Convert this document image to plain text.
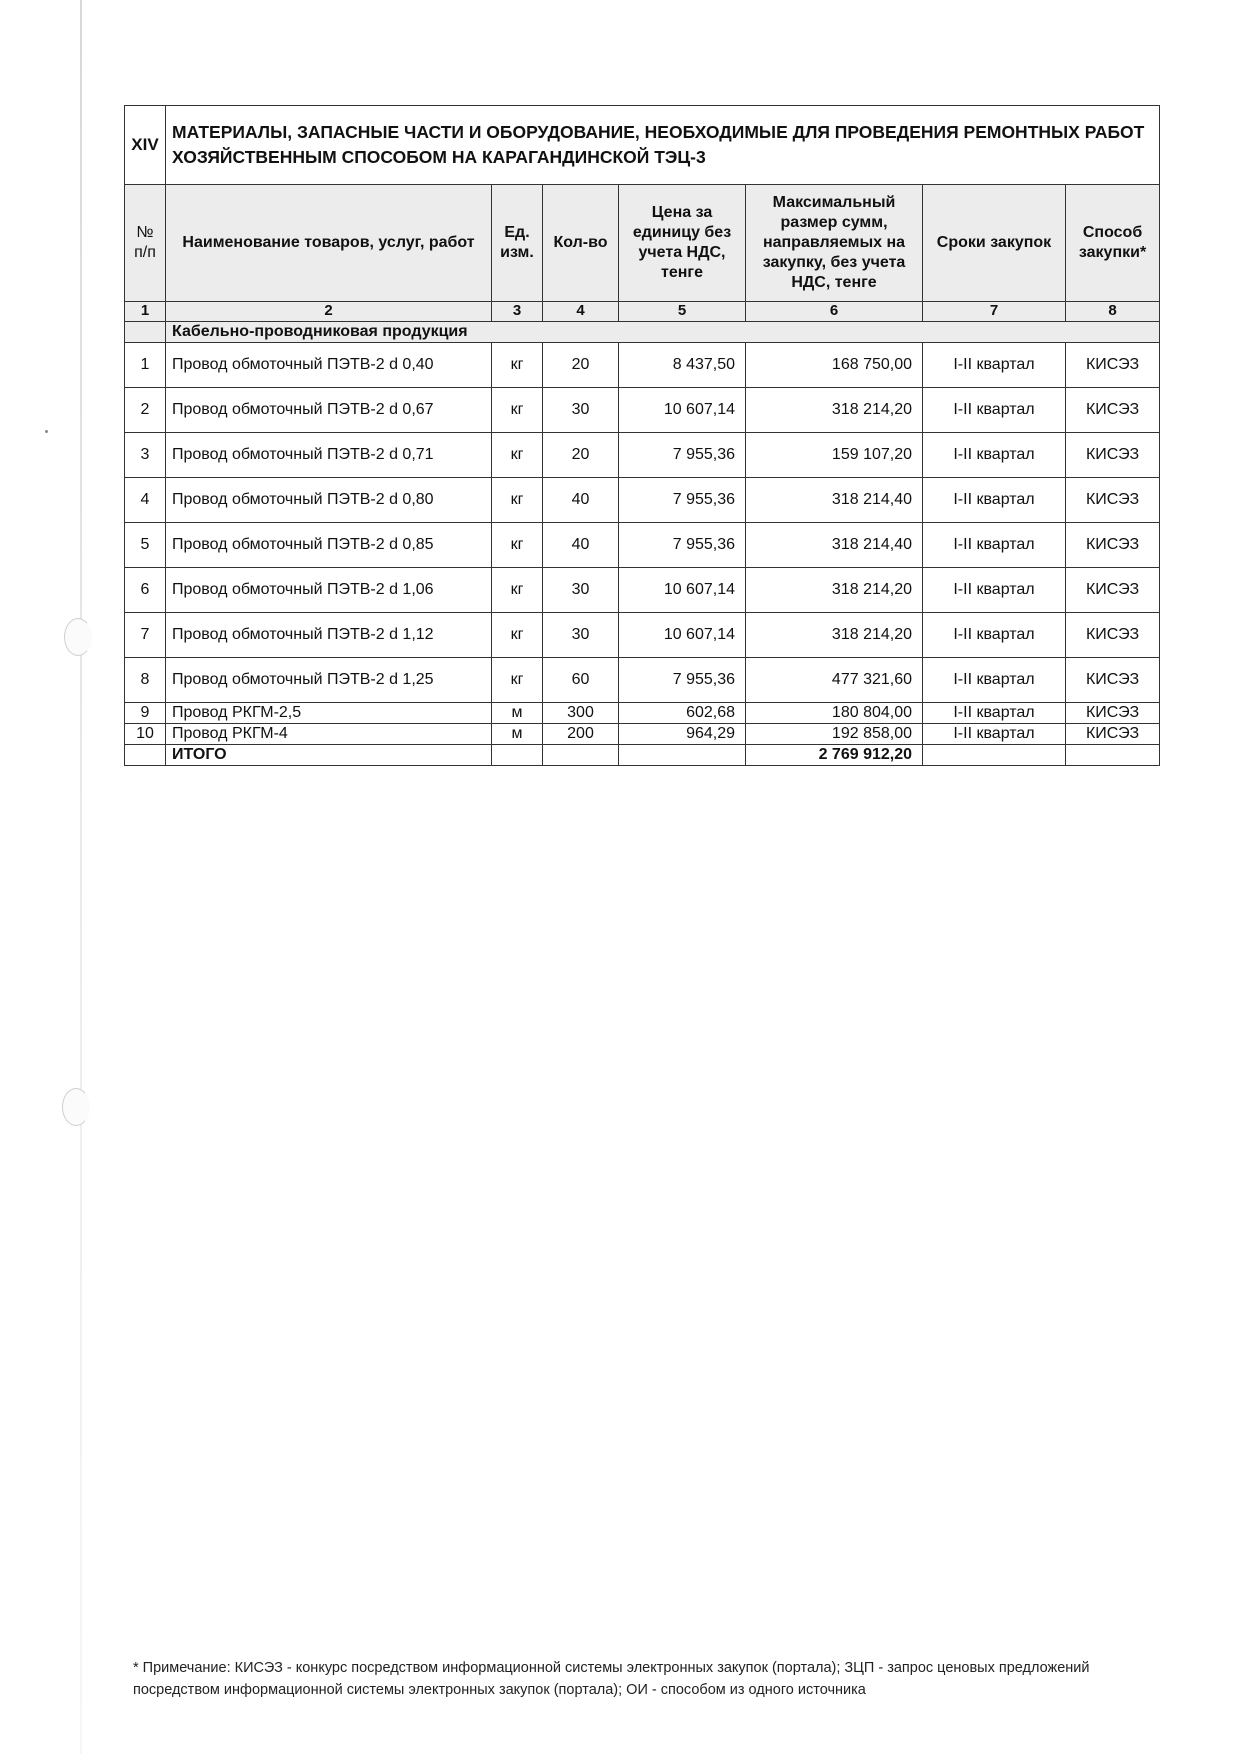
XIV	МАТЕРИАЛЫ, ЗАПАСНЫЕ ЧАСТИ И ОБОРУДОВАНИЕ, НЕОБХОДИМЫЕ ДЛЯ ПРОВЕДЕНИЯ РЕМОНТНЫХ РАБОТ ХОЗЯЙСТВЕННЫМ СПОСОБОМ НА КАРАГАНДИНСКОЙ ТЭЦ-3						
№ п/п	Наименование товаров, услуг, работ	Ед. изм.	Кол-во	Цена за единицу без учета НДС, тенге	Максимальный размер сумм, направляемых на закупку, без учета НДС, тенге	Сроки закупок	Способ закупки*
1	2	3	4	5	6	7	8
	Кабельно-проводниковая продукция						
1	Провод обмоточный ПЭТВ-2 d 0,40	кг	20	8 437,50	168 750,00	I-II квартал	КИСЭЗ
2	Провод обмоточный ПЭТВ-2 d 0,67	кг	30	10 607,14	318 214,20	I-II квартал	КИСЭЗ
3	Провод обмоточный ПЭТВ-2 d 0,71	кг	20	7 955,36	159 107,20	I-II квартал	КИСЭЗ
4	Провод обмоточный ПЭТВ-2 d 0,80	кг	40	7 955,36	318 214,40	I-II квартал	КИСЭЗ
5	Провод обмоточный ПЭТВ-2 d 0,85	кг	40	7 955,36	318 214,40	I-II квартал	КИСЭЗ
6	Провод обмоточный ПЭТВ-2 d 1,06	кг	30	10 607,14	318 214,20	I-II квартал	КИСЭЗ
7	Провод обмоточный ПЭТВ-2 d 1,12	кг	30	10 607,14	318 214,20	I-II квартал	КИСЭЗ
8	Провод обмоточный ПЭТВ-2 d 1,25	кг	60	7 955,36	477 321,60	I-II квартал	КИСЭЗ
9	Провод РКГМ-2,5	м	300	602,68	180 804,00	I-II квартал	КИСЭЗ
10	Провод РКГМ-4	м	200	964,29	192 858,00	I-II квартал	КИСЭЗ
	ИТОГО				2 769 912,20		
* Примечание: КИСЭЗ - конкурс посредством информационной системы электронных закупок (портала); ЗЦП - запрос ценовых предложений посредством информационной системы электронных закупок (портала); ОИ - способом из одного источника
